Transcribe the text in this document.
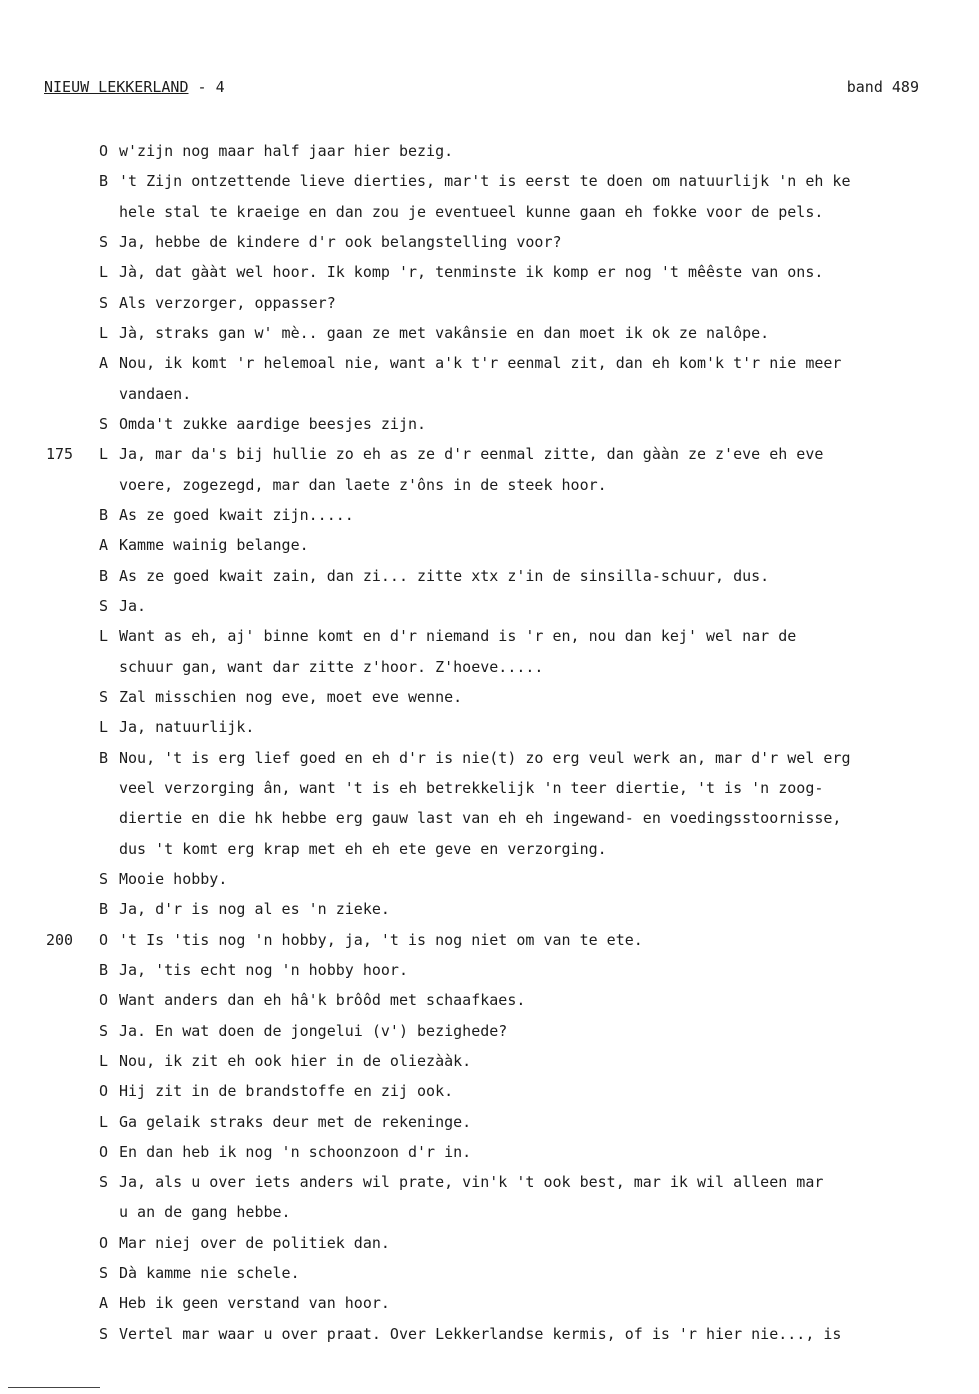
NIEUW LEKKERLAND - 4	band 489
O w'zijn nog maar half jaar hier bezig.
B 't Zijn ontzettende lieve dierties, mar't is eerst te doen om natuurlijk 'n eh ke
hele stal te kraeige en dan zou je eventueel kunne gaan eh fokke voor de pels.
S Ja, hebbe de kindere d'r ook belangstelling voor?
L Jà, dat gààt wel hoor. Ik komp 'r, tenminste ik komp er nog 't mêêste van ons.
S Als verzorger, oppasser?
L Jà, straks gan w' mè.. gaan ze met vakânsie en dan moet ik ok ze nalôpe.
A Nou, ik komt 'r helemoal nie, want a'k t'r eenmal zit, dan eh kom'k t'r nie meer
vandaen.
S Omda't zukke aardige beesjes zijn.
175	L Ja, mar da's bij hullie zo eh as ze d'r eenmal zitte, dan gààn ze z'eve eh eve
voere, zogezegd, mar dan laete z'ôns in de steek hoor.
B As ze goed kwait zijn.....
A Kamme wainig belange.
B As ze goed kwait zain, dan zi... zitte xtx z'in de sinsilla-schuur, dus.
S Ja.
L Want as eh, aj' binne komt en d'r niemand is 'r en, nou dan kej' wel nar de
schuur gan, want dar zitte z'hoor. Z'hoeve.....
S Zal misschien nog eve, moet eve wenne.
L Ja, natuurlijk.
B Nou, 't is erg lief goed en eh d'r is nie(t) zo erg veul werk an, mar d'r wel erg
veel verzorging ân, want 't is eh betrekkelijk 'n teer diertie, 't is 'n zoog-
diertie en die hk hebbe erg gauw last van eh eh ingewand- en voedingsstoornisse,
dus 't komt erg krap met eh eh ete geve en verzorging.
S Mooie hobby.
B Ja, d'r is nog al es 'n zieke.
200	O 't Is 'tis nog 'n hobby, ja, 't is nog niet om van te ete.
B Ja, 'tis echt nog 'n hobby hoor.
O Want anders dan eh hâ'k brôôd met schaafkaes.
S Ja. En wat doen de jongelui (v') bezighede?
L Nou, ik zit eh ook hier in de oliezààk.
O Hij zit in de brandstoffe en zij ook.
L Ga gelaik straks deur met de rekeninge.
O En dan heb ik nog 'n schoonzoon d'r in.
S Ja, als u over iets anders wil prate, vin'k 't ook best, mar ik wil alleen mar
u an de gang hebbe.
O Mar niej over de politiek dan.
S Dà kamme nie schele.
A Heb ik geen verstand van hoor.
S Vertel mar waar u over praat. Over Lekkerlandse kermis, of is 'r hier nie..., is
